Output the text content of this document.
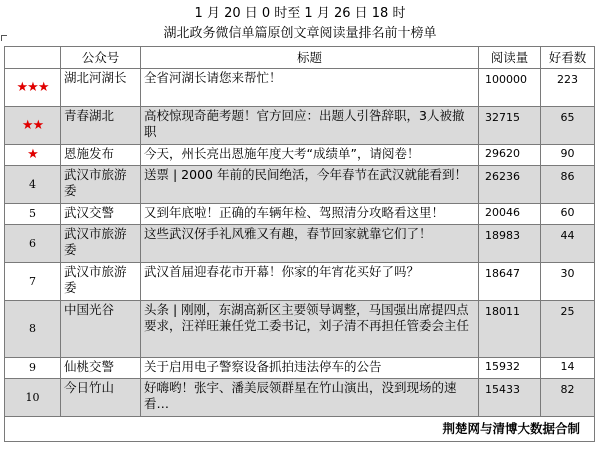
1 月 20 日 0 时至 1 月 26 日 18 时
湖北政务微信单篇原创文章阅读量排名前十榜单
	公众号	标题	阅读量	好看数
★★★	湖北河湖长	全省河湖长请您来帮忙！	100000	223
★★	青春湖北	高校惊现奇葩考题！官方回应：出题人引咎辞职，3人被撤职	32715	65
★	恩施发布	今天，州长亮出恩施年度大考“成绩单”，请阅卷！	29620	90
4	武汉市旅游委	送票 | 2000 年前的民间绝活，今年春节在武汉就能看到！	26236	86
5	武汉交警	又到年底啦！正确的车辆年检、驾照清分攻略看这里！	20046	60
6	武汉市旅游委	这些武汉伢手礼风雅又有趣，春节回家就靠它们了！	18983	44
7	武汉市旅游委	武汉首届迎春花市开幕！你家的年宵花买好了吗？	18647	30
8	中国光谷	头条 | 刚刚，东湖高新区主要领导调整，马国强出席提四点要求，汪祥旺兼任党工委书记，刘子清不再担任管委会主任	18011	25
9	仙桃交警	关于启用电子警察设备抓拍违法停车的公告	15932	14
10	今日竹山	好嗨哟！张宇、潘美辰领群星在竹山演出，没到现场的速看…	15433	82
荆楚网与清博大数据合制				
